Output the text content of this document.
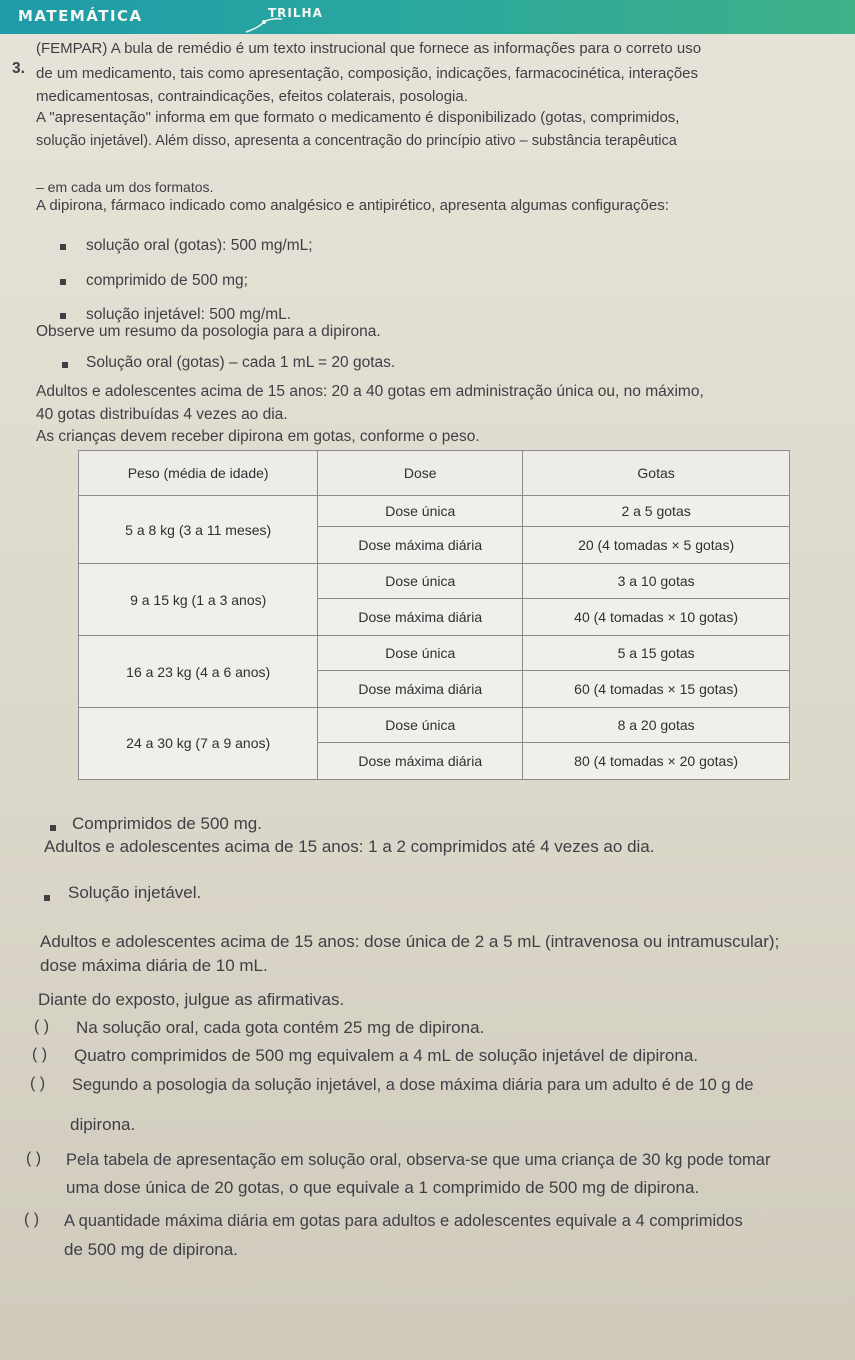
MATEMÁTICA	TRILHA
3.
(FEMPAR) A bula de remédio é um texto instrucional que fornece as informações para o correto uso
de um medicamento, tais como apresentação, composição, indicações, farmacocinética, interações
medicamentosas, contraindicações, efeitos colaterais, posologia.
A "apresentação" informa em que formato o medicamento é disponibilizado (gotas, comprimidos,
solução injetável). Além disso, apresenta a concentração do princípio ativo – substância terapêutica
– em cada um dos formatos.
A dipirona, fármaco indicado como analgésico e antipirético, apresenta algumas configurações:
solução oral (gotas): 500 mg/mL;
comprimido de 500 mg;
solução injetável: 500 mg/mL.
Observe um resumo da posologia para a dipirona.
Solução oral (gotas) – cada 1 mL = 20 gotas.
Adultos e adolescentes acima de 15 anos: 20 a 40 gotas em administração única ou, no máximo,
40 gotas distribuídas 4 vezes ao dia.
As crianças devem receber dipirona em gotas, conforme o peso.
Peso (média de idade)	Dose	Gotas
5 a 8 kg (3 a 11 meses)	Dose única	2 a 5 gotas
	Dose máxima diária	20 (4 tomadas × 5 gotas)
9 a 15 kg (1 a 3 anos)	Dose única	3 a 10 gotas
	Dose máxima diária	40 (4 tomadas × 10 gotas)
16 a 23 kg (4 a 6 anos)	Dose única	5 a 15 gotas
	Dose máxima diária	60 (4 tomadas × 15 gotas)
24 a 30 kg (7 a 9 anos)	Dose única	8 a 20 gotas
	Dose máxima diária	80 (4 tomadas × 20 gotas)
Comprimidos de 500 mg.
Adultos e adolescentes acima de 15 anos: 1 a 2 comprimidos até 4 vezes ao dia.
Solução injetável.
Adultos e adolescentes acima de 15 anos: dose única de 2 a 5 mL (intravenosa ou intramuscular);
dose máxima diária de 10 mL.
Diante do exposto, julgue as afirmativas.
( ) Na solução oral, cada gota contém 25 mg de dipirona.
( ) Quatro comprimidos de 500 mg equivalem a 4 mL de solução injetável de dipirona.
( ) Segundo a posologia da solução injetável, a dose máxima diária para um adulto é de 10 g de
dipirona.
( ) Pela tabela de apresentação em solução oral, observa-se que uma criança de 30 kg pode tomar
uma dose única de 20 gotas, o que equivale a 1 comprimido de 500 mg de dipirona.
( ) A quantidade máxima diária em gotas para adultos e adolescentes equivale a 4 comprimidos
de 500 mg de dipirona.
